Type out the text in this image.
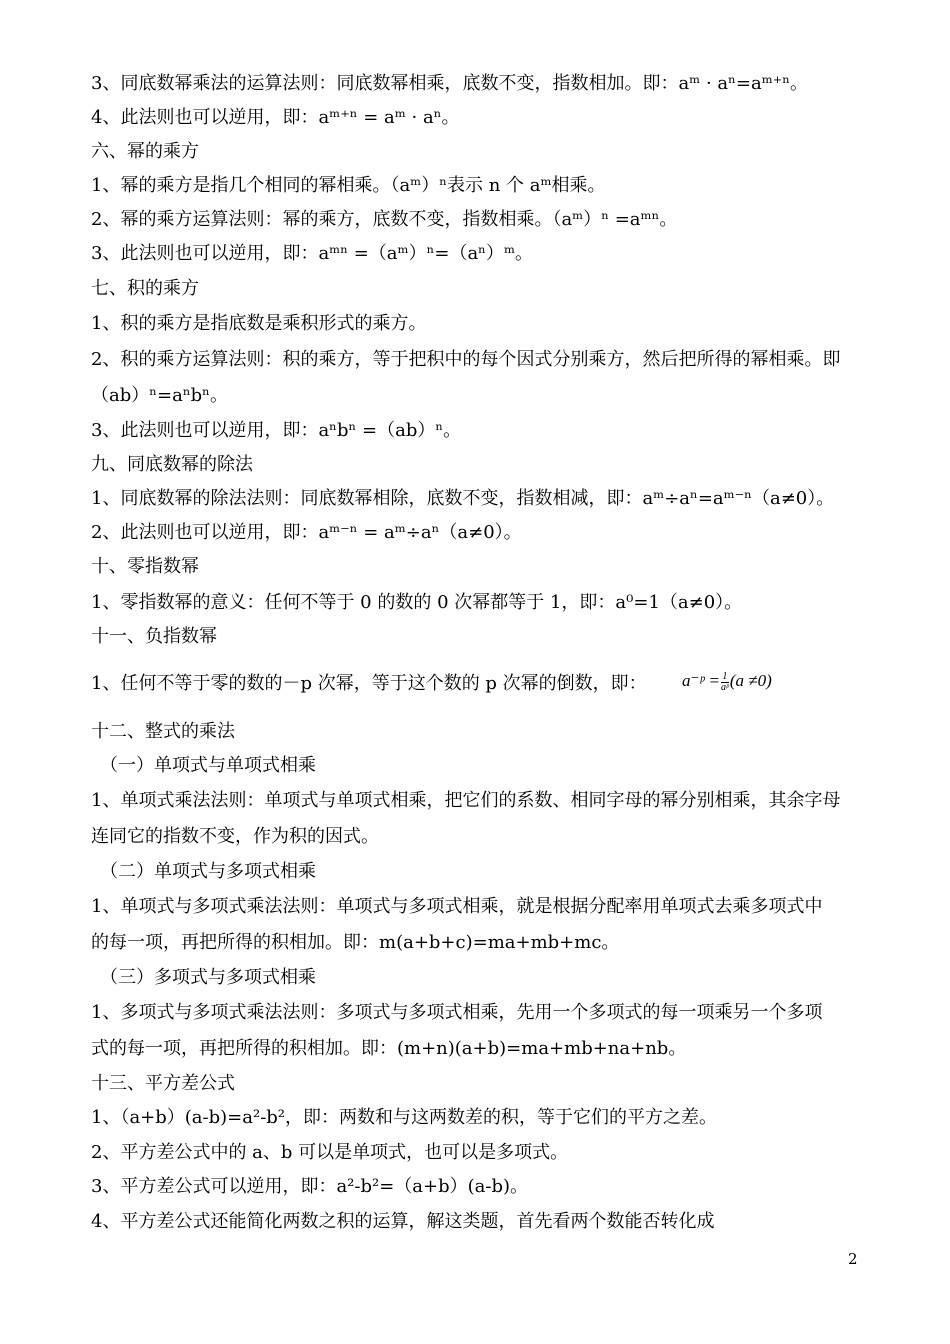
3、同底数幂乘法的运算法则：同底数幂相乘，底数不变，指数相加。即：aᵐ · aⁿ=aᵐ⁺ⁿ。
4、此法则也可以逆用，即：aᵐ⁺ⁿ = aᵐ · aⁿ。
六、幂的乘方
1、幂的乘方是指几个相同的幂相乘。（aᵐ）ⁿ表示 n 个 aᵐ相乘。
2、幂的乘方运算法则：幂的乘方，底数不变，指数相乘。（aᵐ）ⁿ =aᵐⁿ。
3、此法则也可以逆用，即：aᵐⁿ =（aᵐ）ⁿ=（aⁿ）ᵐ。
七、积的乘方
1、积的乘方是指底数是乘积形式的乘方。
2、积的乘方运算法则：积的乘方，等于把积中的每个因式分别乘方，然后把所得的幂相乘。即
（ab）ⁿ=aⁿbⁿ。
3、此法则也可以逆用，即：aⁿbⁿ =（ab）ⁿ。
九、同底数幂的除法
1、同底数幂的除法法则：同底数幂相除，底数不变，指数相减，即：aᵐ÷aⁿ=aᵐ⁻ⁿ（a≠0）。
2、此法则也可以逆用，即：aᵐ⁻ⁿ = aᵐ÷aⁿ（a≠0）。
十、零指数幂
1、零指数幂的意义：任何不等于 0 的数的 0 次幂都等于 1，即：a⁰=1（a≠0）。
十一、负指数幂
1、任何不等于零的数的－p 次幂，等于这个数的 p 次幂的倒数，即： a⁻ᵖ = $\frac{1}{\text{aᵖ}} (a \ne 0)$
十二、整式的乘法
（一）单项式与单项式相乘
1、单项式乘法法则：单项式与单项式相乘，把它们的系数、相同字母的幂分别相乘，其余字母
连同它的指数不变，作为积的因式。
（二）单项式与多项式相乘
1、单项式与多项式乘法法则：单项式与多项式相乘，就是根据分配率用单项式去乘多项式中
的每一项，再把所得的积相加。即：m(a+b+c)=ma+mb+mc。
（三）多项式与多项式相乘
1、多项式与多项式乘法法则：多项式与多项式相乘，先用一个多项式的每一项乘另一个多项
式的每一项，再把所得的积相加。即：(m+n)(a+b)=ma+mb+na+nb。
十三、平方差公式
1、（a+b）(a-b)=a²-b²，即：两数和与这两数差的积，等于它们的平方之差。
2、平方差公式中的 a、b 可以是单项式，也可以是多项式。
3、平方差公式可以逆用，即：a²-b²=（a+b）(a-b)。
4、平方差公式还能简化两数之积的运算，解这类题，首先看两个数能否转化成
2
